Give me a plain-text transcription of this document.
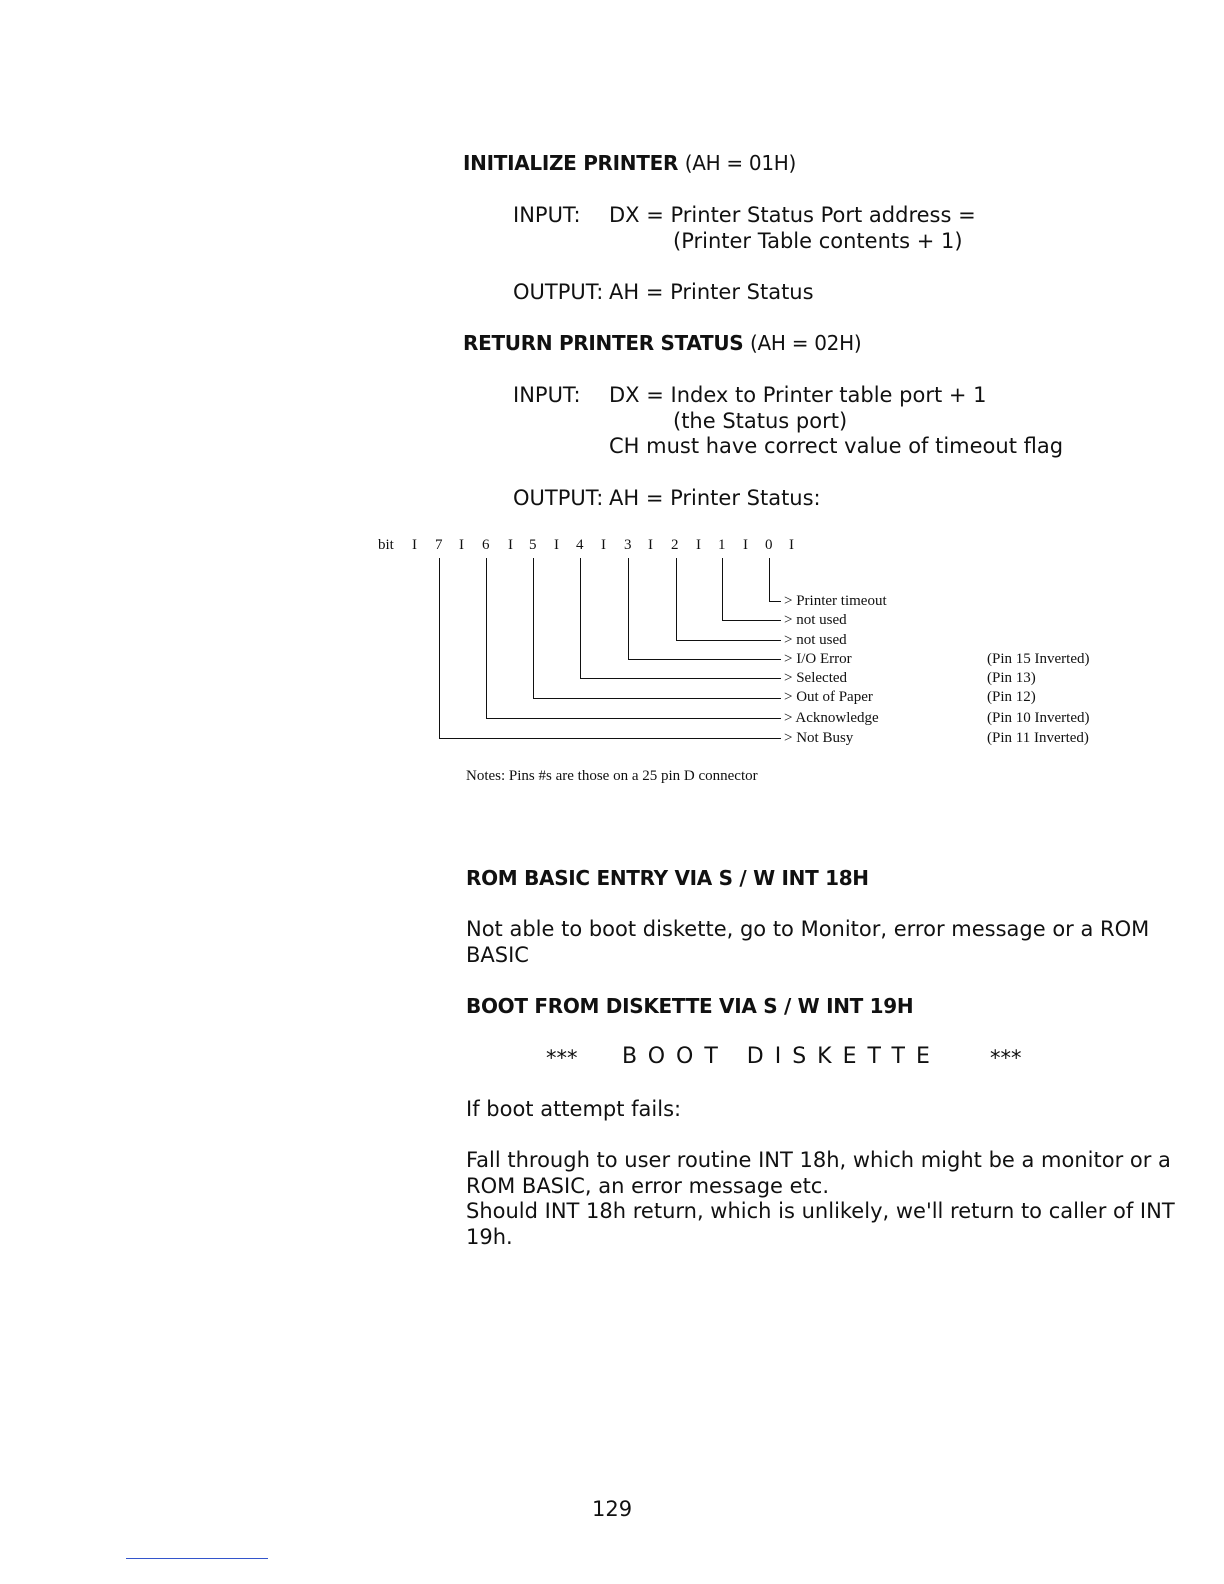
INITIALIZE PRINTER (AH = 01H)
INPUT: DX = Printer Status Port address =
(Printer Table contents + 1)
OUTPUT: AH = Printer Status
RETURN PRINTER STATUS (AH = 02H)
INPUT: DX = Index to Printer table port + 1
(the Status port)
CH must have correct value of timeout flag
OUTPUT: AH = Printer Status:
bit I 7 I 6 I 5 I 4 I 3 I 2 I 1 I 0 I
> Printer timeout
> not used
> not used
> I/O Error
> Selected
> Out of Paper
> Acknowledge
> Not Busy
(Pin 15 Inverted)
(Pin 13)
(Pin 12)
(Pin 10 Inverted)
(Pin 11 Inverted)
Notes: Pins #s are those on a 25 pin D connector
ROM BASIC ENTRY VIA S / W INT 18H
Not able to boot diskette, go to Monitor, error message or a ROM
BASIC
BOOT FROM DISKETTE VIA S / W INT 19H
*** BOOT DISKETTE ***
If boot attempt fails:
Fall through to user routine INT 18h, which might be a monitor or a
ROM BASIC, an error message etc.
Should INT 18h return, which is unlikely, we'll return to caller of INT
19h.
129
